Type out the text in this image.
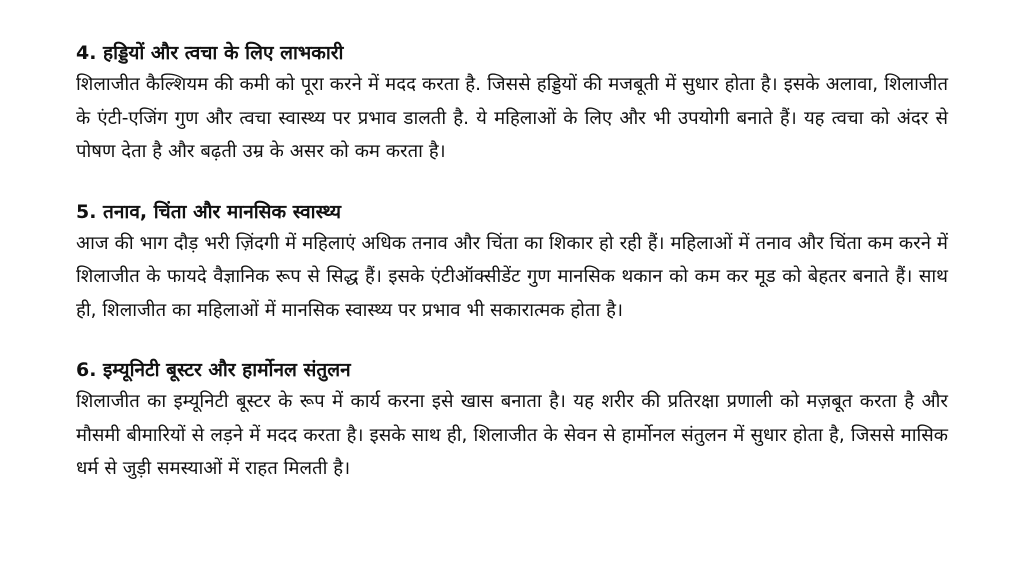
4. हड्डियों और त्वचा के लिए लाभकारी

शिलाजीत कैल्शियम की कमी को पूरा करने में मदद करता है. जिससे हड्डियों की मजबूती में सुधार होता है। इसके अलावा, शिलाजीत के एंटी-एजिंग गुण और त्वचा स्वास्थ्य पर प्रभाव डालती है. ये महिलाओं के लिए और भी उपयोगी बनाते हैं। यह त्वचा को अंदर से पोषण देता है और बढ़ती उम्र के असर को कम करता है।

5. तनाव, चिंता और मानसिक स्वास्थ्य

आज की भाग दौड़ भरी ज़िंदगी में महिलाएं अधिक तनाव और चिंता का शिकार हो रही हैं। महिलाओं में तनाव और चिंता कम करने में शिलाजीत के फायदे वैज्ञानिक रूप से सिद्ध हैं। इसके एंटीऑक्सीडेंट गुण मानसिक थकान को कम कर मूड को बेहतर बनाते हैं। साथ ही, शिलाजीत का महिलाओं में मानसिक स्वास्थ्य पर प्रभाव भी सकारात्मक होता है।

6. इम्यूनिटी बूस्टर और हार्मोनल संतुलन

शिलाजीत का इम्यूनिटी बूस्टर के रूप में कार्य करना इसे खास बनाता है। यह शरीर की प्रतिरक्षा प्रणाली को मज़बूत करता है और मौसमी बीमारियों से लड़ने में मदद करता है। इसके साथ ही, शिलाजीत के सेवन से हार्मोनल संतुलन में सुधार होता है, जिससे मासिक धर्म से जुड़ी समस्याओं में राहत मिलती है।
